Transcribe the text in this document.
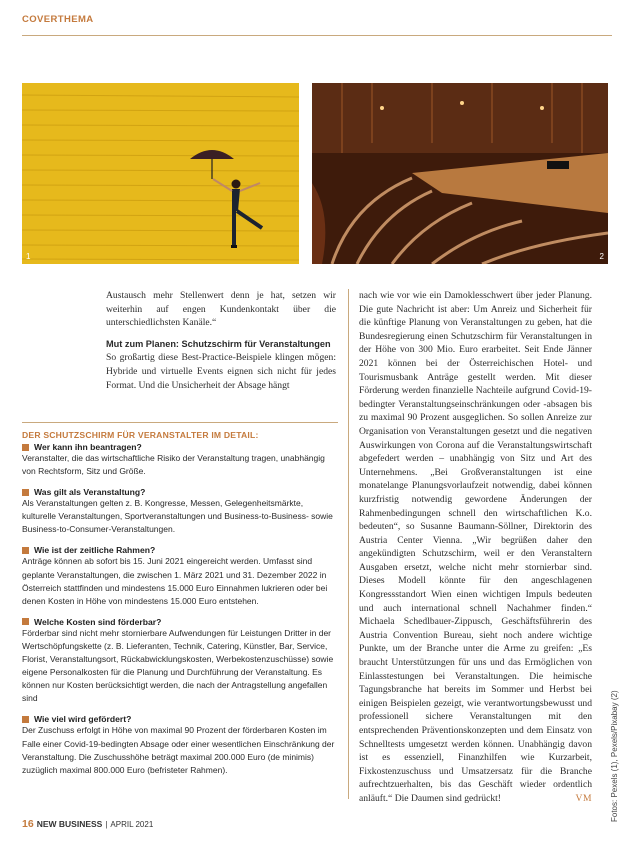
COVERTHEMA
1	2

Austausch mehr Stellenwert denn je hat, setzen wir weiterhin auf engen Kundenkontakt über die unterschiedlichsten Kanäle.“

Mut zum Planen: Schutzschirm für Veranstaltungen

So großartig diese Best-Practice-Beispiele klingen mögen: Hybride und virtuelle Events eignen sich nicht für jedes Format. Und die Unsicherheit der Absage hängt

DER SCHUTZSCHIRM FÜR VERANSTALTER IM DETAIL:
Wer kann ihn beantragen?
Veranstalter, die das wirtschaftliche Risiko der Veranstaltung tragen, unabhängig von Rechtsform, Sitz und Größe.
Was gilt als Veranstaltung?
Als Veranstaltungen gelten z. B. Kongresse, Messen, Gelegenheitsmärkte, kulturelle Veranstaltungen, Sportveranstaltungen und Business-to-Business- sowie Business-to-Consumer-Veranstaltungen.
Wie ist der zeitliche Rahmen?
Anträge können ab sofort bis 15. Juni 2021 eingereicht werden. Umfasst sind geplante Veranstaltungen, die zwischen 1. März 2021 und 31. Dezember 2022 in Österreich stattfinden und mindestens 15.000 Euro Einnahmen lukrieren oder bei denen Kosten in Höhe von mindestens 15.000 Euro entstehen.
Welche Kosten sind förderbar?
Förderbar sind nicht mehr stornierbare Aufwendungen für Leistungen Dritter in der Wertschöpfungskette (z. B. Lieferanten, Technik, Catering, Künstler, Bar, Service, Florist, Veranstaltungsort, Rückabwicklungskosten, Werbekostenzuschüsse) sowie eigene Personalkosten für die Planung und Durchführung der Veranstaltung. Es können nur Kosten berücksichtigt werden, die nach der Antragstellung angefallen sind
Wie viel wird gefördert?
Der Zuschuss erfolgt in Höhe von maximal 90 Prozent der förderbaren Kosten im Falle einer Covid-19-bedingten Absage oder einer wesentlichen Einschränkung der Veranstaltung. Die Zuschusshöhe beträgt maximal 200.000 Euro (de minimis) zuzüglich maximal 800.000 Euro (befristeter Rahmen).

nach wie vor wie ein Damoklesschwert über jeder Planung. Die gute Nachricht ist aber: Um Anreiz und Sicherheit für die künftige Planung von Veranstaltungen zu geben, hat die Bundesregierung einen Schutzschirm für Veranstaltungen in der Höhe von 300 Mio. Euro erarbeitet. Seit Ende Jänner 2021 können bei der Österreichischen Hotel- und Tourismusbank Anträge gestellt werden. Mit dieser Förderung werden finanzielle Nachteile aufgrund Covid-19-bedingter Veranstaltungseinschränkungen oder -absagen bis zu maximal 90 Prozent ausgeglichen. So sollen Anreize zur Organisation von Veranstaltungen gesetzt und die negativen Auswirkungen von Corona auf die Veranstaltungswirtschaft abgefedert werden – unabhängig von Sitz und Art des Unternehmens. „Bei Großveranstaltungen ist eine monatelange Planungsvorlaufzeit notwendig, dabei können kurzfristig notwendig gewordene Änderungen der Rahmenbedingungen schnell den wirtschaftlichen K.o. bedeuten“, so Susanne Baumann-Söllner, Direktorin des Austria Center Vienna. „Wir begrüßen daher den angekündigten Schutzschirm, weil er den Veranstaltern Ausgaben ersetzt, welche nicht mehr stornierbar sind. Dieses Modell könnte für den angeschlagenen Kongressstandort Wien einen wichtigen Impuls bedeuten und auch international schnell Nachahmer finden.“ Michaela Schedlbauer-Zippusch, Geschäftsführerin des Austria Convention Bureau, sieht noch andere wichtige Punkte, um der Branche unter die Arme zu greifen: „Es braucht Unterstützungen für uns und das Ermöglichen von Einlasstestungen bei Veranstaltungen. Die heimische Tagungsbranche hat bereits im Sommer und Herbst bei einigen Beispielen gezeigt, wie verantwortungsbewusst und professionell sichere Veranstaltungen mit den entsprechenden Präventionskonzepten und dem Einsatz von Schnelltests umgesetzt werden können. Unabhängig davon ist es essenziell, Finanzhilfen wie Kurzarbeit, Fixkostenzuschuss und Umsatzersatz für die Branche aufrechtzuerhalten, bis das Geschäft wieder ordentlich anläuft.“ Die Daumen sind gedrückt!	VM Fotos: Pexels (1), Pexels/Pixabay (2)
16 NEW BUSINESS | APRIL 2021
